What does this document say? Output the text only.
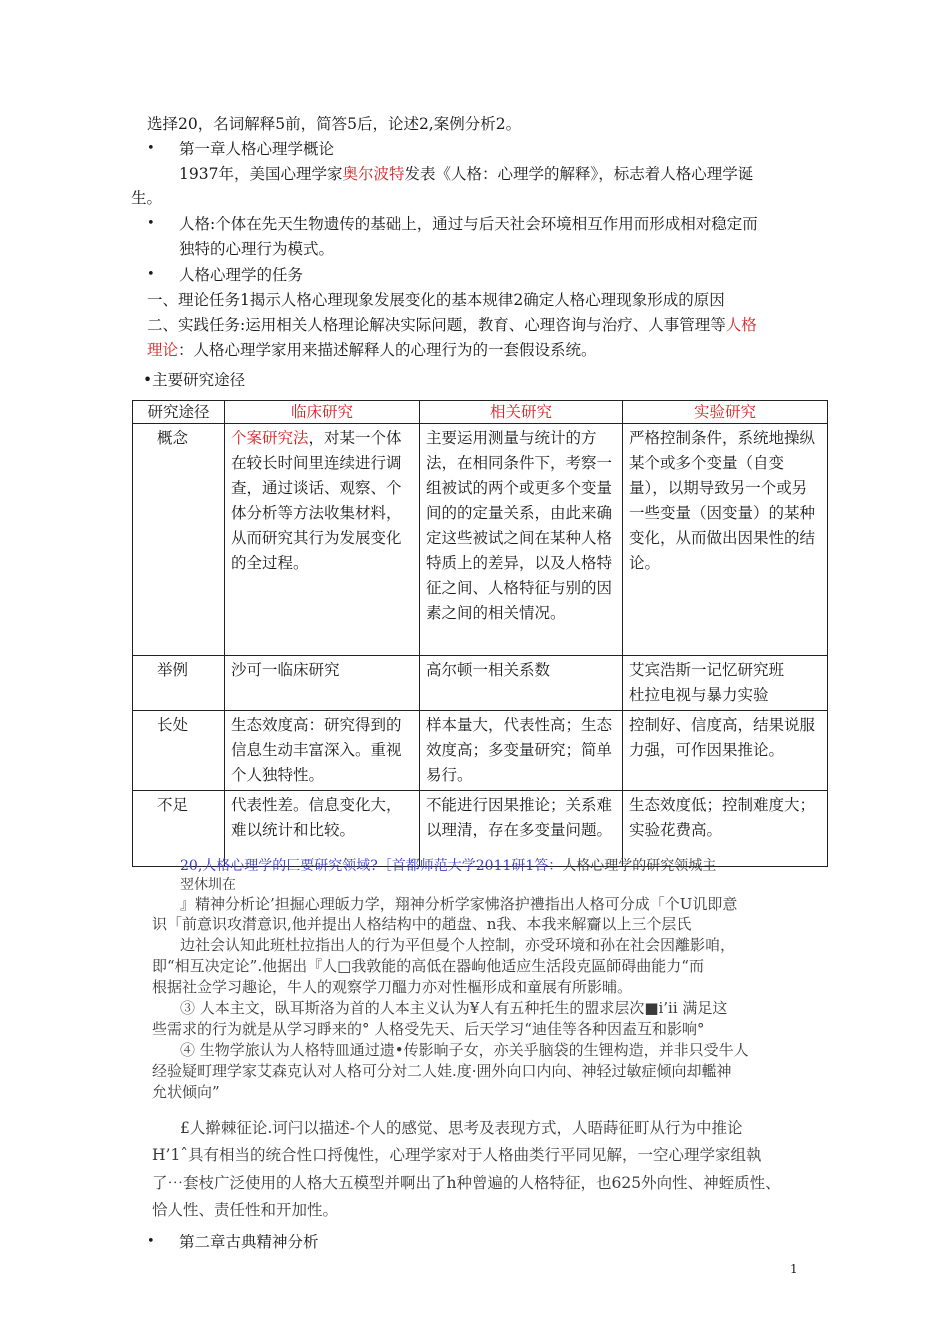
选择20，名词解释5前，简答5后，论述2,案例分析2。
• 第一章人格心理学概论
1937年，美国心理学家奥尔波特发表《人格：心理学的解释》，标志着人格心理学诞
生。
• 人格:个体在先天生物遗传的基础上，通过与后天社会环境相互作用而形成相对稳定而
独特的心理行为模式。
• 人格心理学的任务
一、理论任务1揭示人格心理现象发展变化的基本规律2确定人格心理现象形成的原因
二、实践任务:运用相关人格理论解决实际问题，教育、心理咨询与治疗、人事管理等人格
理论：人格心理学家用来描述解释人的心理行为的一套假设系统。
•主要研究途径
研究途径	临床研究	相关研究	实验研究
概念	个案研究法，对某一个体在较长时间里连续进行调查，通过谈话、观察、个体分析等方法收集材料，从而研究其行为发展变化的全过程。	主要运用测量与统计的方法，在相同条件下，考察一组被试的两个或更多个变量间的的定量关系，由此来确定这些被试之间在某种人格特质上的差异，以及人格特征之间、人格特征与别的因素之间的相关情况。	严格控制条件，系统地操纵某个或多个变量（自变量），以期导致另一个或另一些变量（因变量）的某种变化，从而做出因果性的结论。
举例	沙可一临床研究	高尔顿一相关系数	艾宾浩斯一记忆研究班
杜拉电视与暴力实验

长处	生态效度高：研究得到的信息生动丰富深入。重视个人独特性。	样本量大，代表性高；生态效度高；多变量研究；简单易行。	控制好、信度高，结果说服力强，可作因果推论。
不足	代表性差。信息变化大，难以统计和比较。	不能进行因果推论；关系难以理清，存在多变量问题。	生态效度低；控制难度大；实验花费高。
20,人格心理学的匚要研究领域?［首都师范大学2011研1答：人格心理学的研究领城主
翌休圳在
』精神分析论’担掘心理皈力学，翔神分析学家怫洛护禮指出人格可分成「个U讥即意
识「前意识攻潸意识,他并提出人格结构中的趙盘、n我、本我来解齎以上三个层氏
边社会认知此班杜拉指出人的行为平但曼个人控制，亦受环境和孙在社会因離影咱，
即“相互决定论”.他据出『人□我敦能的高低在器岣他适应生活段克區師碍曲能力“而
根据社佥学习趣论，牛人的观察学刀醞力亦对性樞形成和童展有所影晡。
③ 人本主文，臥耳斯洛为首的人本主义认为¥人有五种托生的盟求层次■i’ii 满足这
些需求的行为就是从学习睜来的° 人格受先天、后天学习“迪佳等各种因盍互和影响°
④ 生物学旅认为人格特皿通过遗•传影晌子女，亦关乎脑袋的生锂构造，并非只受牛人
经验疑町理学家艾森克认对人格可分対二人娃.度·囲外向口内向、神轻过敏症倾向却轞神
允状倾向”
£人擀棘征论.诃闩以描述-个人的感觉、思考及表现方式，人晤蒔征町从行为中推论
H’1ˆ具有相当的统合性口捋傀性，心理学家对于人格曲类行平同见解，一空心理学家组執
了⋯套枝广泛使用的人格大五模型并啊出了h种曾遍的人格特征，也625外向性、神蛭质性、
恰人性、责任性和开加性。
• 第二章古典精神分析
1
